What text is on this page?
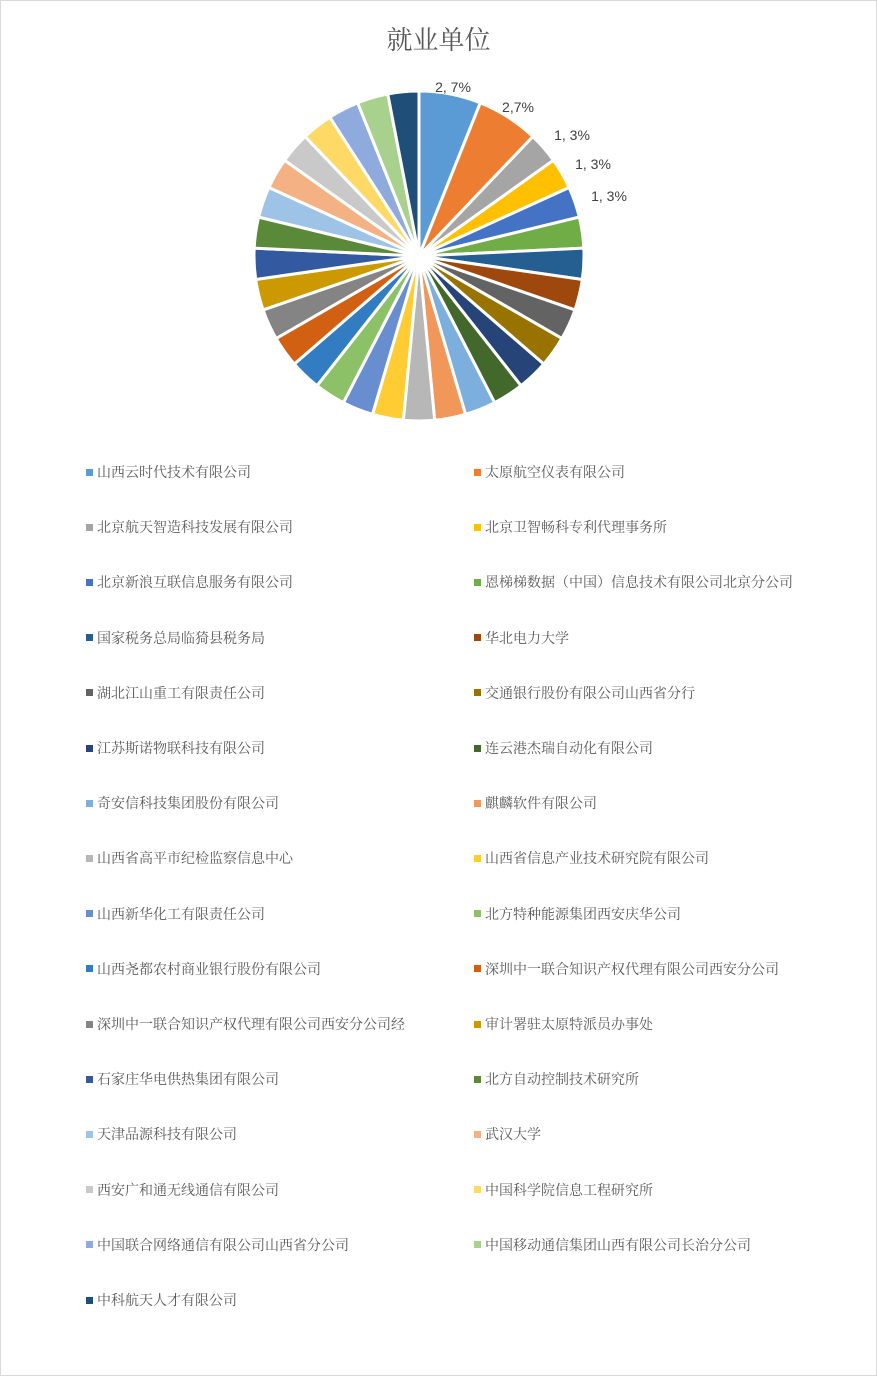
就业单位
2, 7%
2,7%
1, 3%
1, 3%
1, 3%
山西云时代技术有限公司	太原航空仪表有限公司
北京航天智造科技发展有限公司	北京卫智畅科专利代理事务所
北京新浪互联信息服务有限公司	恩梯梯数据（中国）信息技术有限公司北京分公司
国家税务总局临猗县税务局	华北电力大学
湖北江山重工有限责任公司	交通银行股份有限公司山西省分行
江苏斯诺物联科技有限公司	连云港杰瑞自动化有限公司
奇安信科技集团股份有限公司	麒麟软件有限公司
山西省高平市纪检监察信息中心	山西省信息产业技术研究院有限公司
山西新华化工有限责任公司	北方特种能源集团西安庆华公司
山西尧都农村商业银行股份有限公司	深圳中一联合知识产权代理有限公司西安分公司
深圳中一联合知识产权代理有限公司西安分公司经	审计署驻太原特派员办事处
石家庄华电供热集团有限公司	北方自动控制技术研究所
天津品源科技有限公司	武汉大学
西安广和通无线通信有限公司	中国科学院信息工程研究所
中国联合网络通信有限公司山西省分公司	中国移动通信集团山西有限公司长治分公司
中科航天人才有限公司
